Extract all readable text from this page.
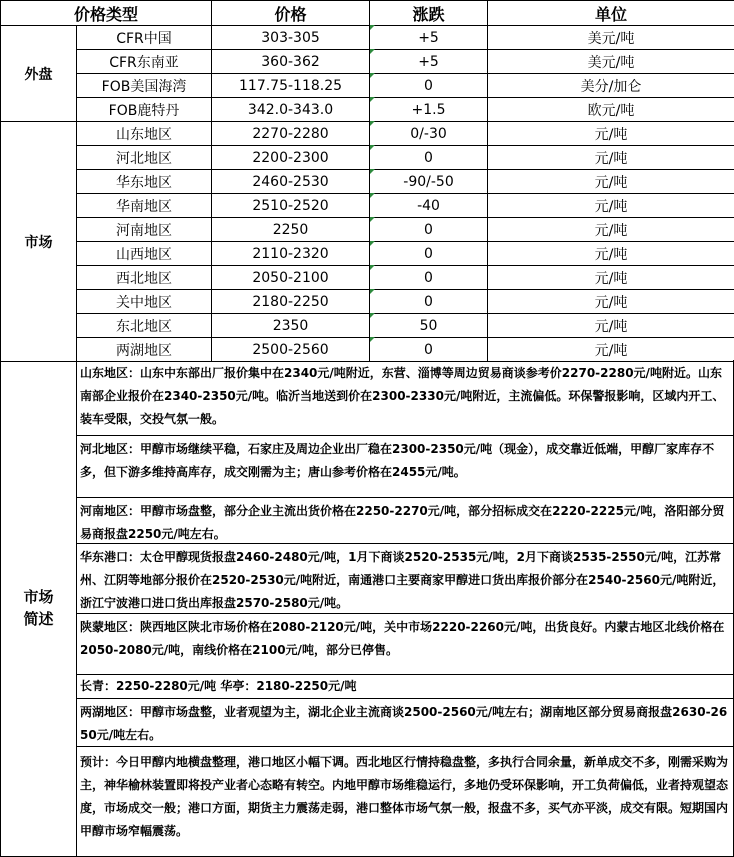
价格类型		价格	涨跌	单位
外盘	CFR中国	303-305	+5	美元/吨
	CFR东南亚	360-362	+5	美元/吨
	FOB美国海湾	117.75-118.25	0	美分/加仑
	FOB鹿特丹	342.0-343.0	+1.5	欧元/吨
市场	山东地区	2270-2280	0/-30	元/吨
	河北地区	2200-2300	0	元/吨
	华东地区	2460-2530	-90/-50	元/吨
	华南地区	2510-2520	-40	元/吨
	河南地区	2250	0	元/吨
	山西地区	2110-2320	0	元/吨
	西北地区	2050-2100	0	元/吨
	关中地区	2180-2250	0	元/吨
	东北地区	2350	50	元/吨
	两湖地区	2500-2560	0	元/吨
市场简述
山东地区：山东中东部出厂报价集中在2340元/吨附近，东营、淄博等周边贸易商谈参考价2270-2280元/吨附近。山东南部企业报价在2340-2350元/吨。临沂当地送到价在2300-2330元/吨附近，主流偏低。环保警报影响，区域内开工、装车受限，交投气氛一般。
河北地区：甲醇市场继续平稳，石家庄及周边企业出厂稳在2300-2350元/吨（现金），成交靠近低端，甲醇厂家库存不多，但下游多维持高库存，成交刚需为主；唐山参考价格在2455元/吨。
河南地区：甲醇市场盘整，部分企业主流出货价格在2250-2270元/吨，部分招标成交在2220-2225元/吨，洛阳部分贸易商报盘2250元/吨左右。
华东港口：太仓甲醇现货报盘2460-2480元/吨，1月下商谈2520-2535元/吨，2月下商谈2535-2550元/吨，江苏常州、江阴等地部分报价在2520-2530元/吨附近，南通港口主要商家甲醇进口货出库报价部分在2540-2560元/吨附近，浙江宁波港口进口货出库报盘2570-2580元/吨。
陕蒙地区：陕西地区陕北市场价格在2080-2120元/吨，关中市场2220-2260元/吨，出货良好。内蒙古地区北线价格在2050-2080元/吨，南线价格在2100元/吨，部分已停售。
长青：2250-2280元/吨 华亭：2180-2250元/吨
两湖地区：甲醇市场盘整，业者观望为主，湖北企业主流商谈2500-2560元/吨左右；湖南地区部分贸易商报盘2630-2650元/吨左右。
预计：今日甲醇内地横盘整理，港口地区小幅下调。西北地区行情持稳盘整，多执行合同余量，新单成交不多，刚需采购为主，神华榆林装置即将投产业者心态略有转空。内地甲醇市场维稳运行，多地仍受环保影响，开工负荷偏低，业者持观望态度，市场成交一般；港口方面，期货主力震荡走弱，港口整体市场气氛一般，报盘不多，买气亦平淡，成交有限。短期国内甲醇市场窄幅震荡。
